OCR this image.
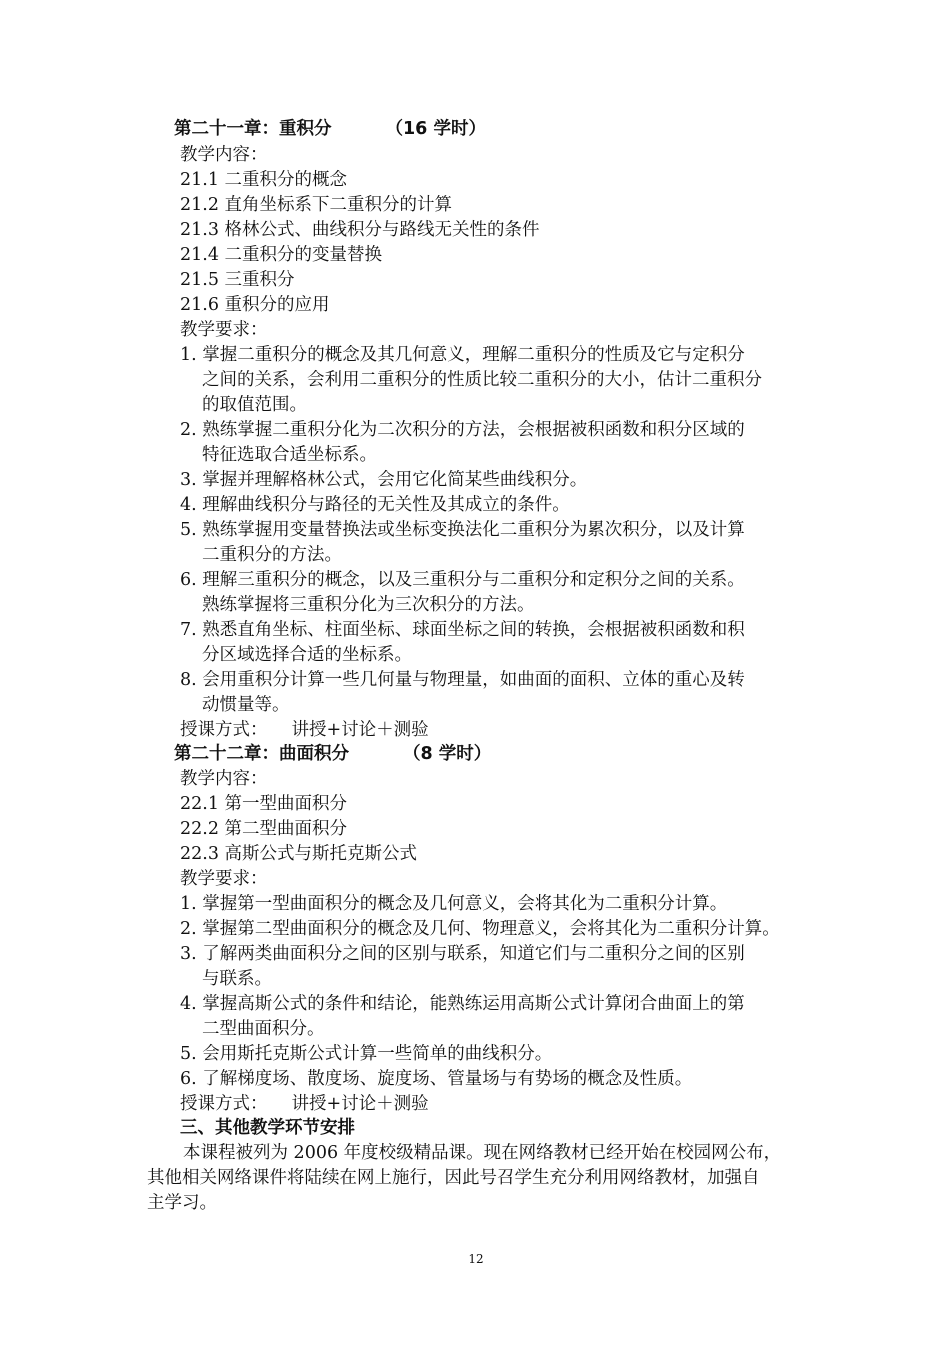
第二十一章：重积分	（16 学时）
教学内容：
21.1 二重积分的概念
21.2 直角坐标系下二重积分的计算
21.3 格林公式、曲线积分与路线无关性的条件
21.4 二重积分的变量替换
21.5 三重积分
21.6 重积分的应用
教学要求：
1. 掌握二重积分的概念及其几何意义，理解二重积分的性质及它与定积分
之间的关系，会利用二重积分的性质比较二重积分的大小，估计二重积分
的取值范围。
2. 熟练掌握二重积分化为二次积分的方法，会根据被积函数和积分区域的
特征选取合适坐标系。
3. 掌握并理解格林公式，会用它化简某些曲线积分。
4. 理解曲线积分与路径的无关性及其成立的条件。
5. 熟练掌握用变量替换法或坐标变换法化二重积分为累次积分，以及计算
二重积分的方法。
6. 理解三重积分的概念，以及三重积分与二重积分和定积分之间的关系。
熟练掌握将三重积分化为三次积分的方法。
7. 熟悉直角坐标、柱面坐标、球面坐标之间的转换，会根据被积函数和积
分区域选择合适的坐标系。
8. 会用重积分计算一些几何量与物理量，如曲面的面积、立体的重心及转
动惯量等。
授课方式： 讲授+讨论＋测验
第二十二章：曲面积分	（8 学时）
教学内容：
22.1 第一型曲面积分
22.2 第二型曲面积分
22.3 高斯公式与斯托克斯公式
教学要求：
1. 掌握第一型曲面积分的概念及几何意义，会将其化为二重积分计算。
2. 掌握第二型曲面积分的概念及几何、物理意义，会将其化为二重积分计算。
3. 了解两类曲面积分之间的区别与联系，知道它们与二重积分之间的区别
与联系。
4. 掌握高斯公式的条件和结论，能熟练运用高斯公式计算闭合曲面上的第
二型曲面积分。
5. 会用斯托克斯公式计算一些简单的曲线积分。
6. 了解梯度场、散度场、旋度场、管量场与有势场的概念及性质。
授课方式： 讲授+讨论＋测验
三、其他教学环节安排
本课程被列为 2006 年度校级精品课。现在网络教材已经开始在校园网公布，
其他相关网络课件将陆续在网上施行，因此号召学生充分利用网络教材，加强自
主学习。
12
